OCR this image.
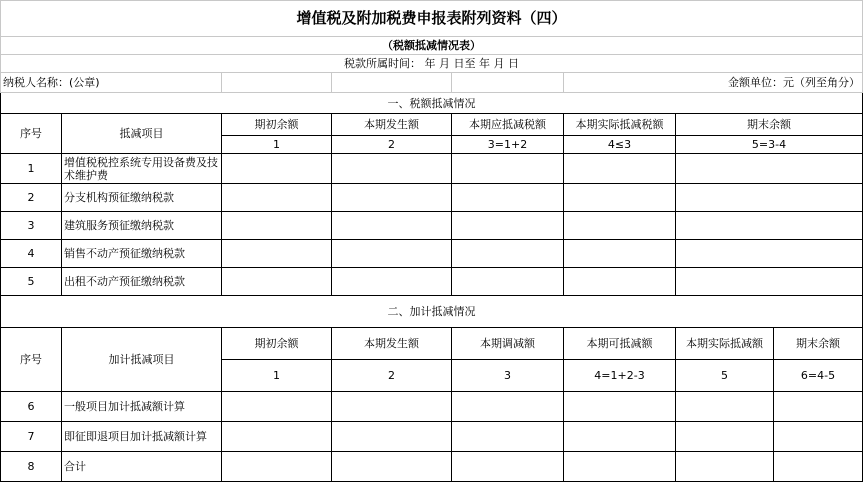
增值税及附加税费申报表附列资料（四）							
（税额抵减情况表）							
税款所属时间： 年 月 日至 年 月 日							
纳税人名称：(公章)					金额单位：元（列至角分）		
一、税额抵减情况							
序号	抵减项目	期初余额	本期发生额	本期应抵减税额	本期实际抵减税额	期末余额	
		1	2	3=1+2	4≤3	5=3-4	
1	增值税税控系统专用设备费及技术维护费						
2	分支机构预征缴纳税款						
3	建筑服务预征缴纳税款						
4	销售不动产预征缴纳税款						
5	出租不动产预征缴纳税款						
二、加计抵减情况							
序号	加计抵减项目	期初余额	本期发生额	本期调减额	本期可抵减额	本期实际抵减额	期末余额
		1	2	3	4=1+2-3	5	6=4-5
6	一般项目加计抵减额计算						
7	即征即退项目加计抵减额计算						
8	合计						
